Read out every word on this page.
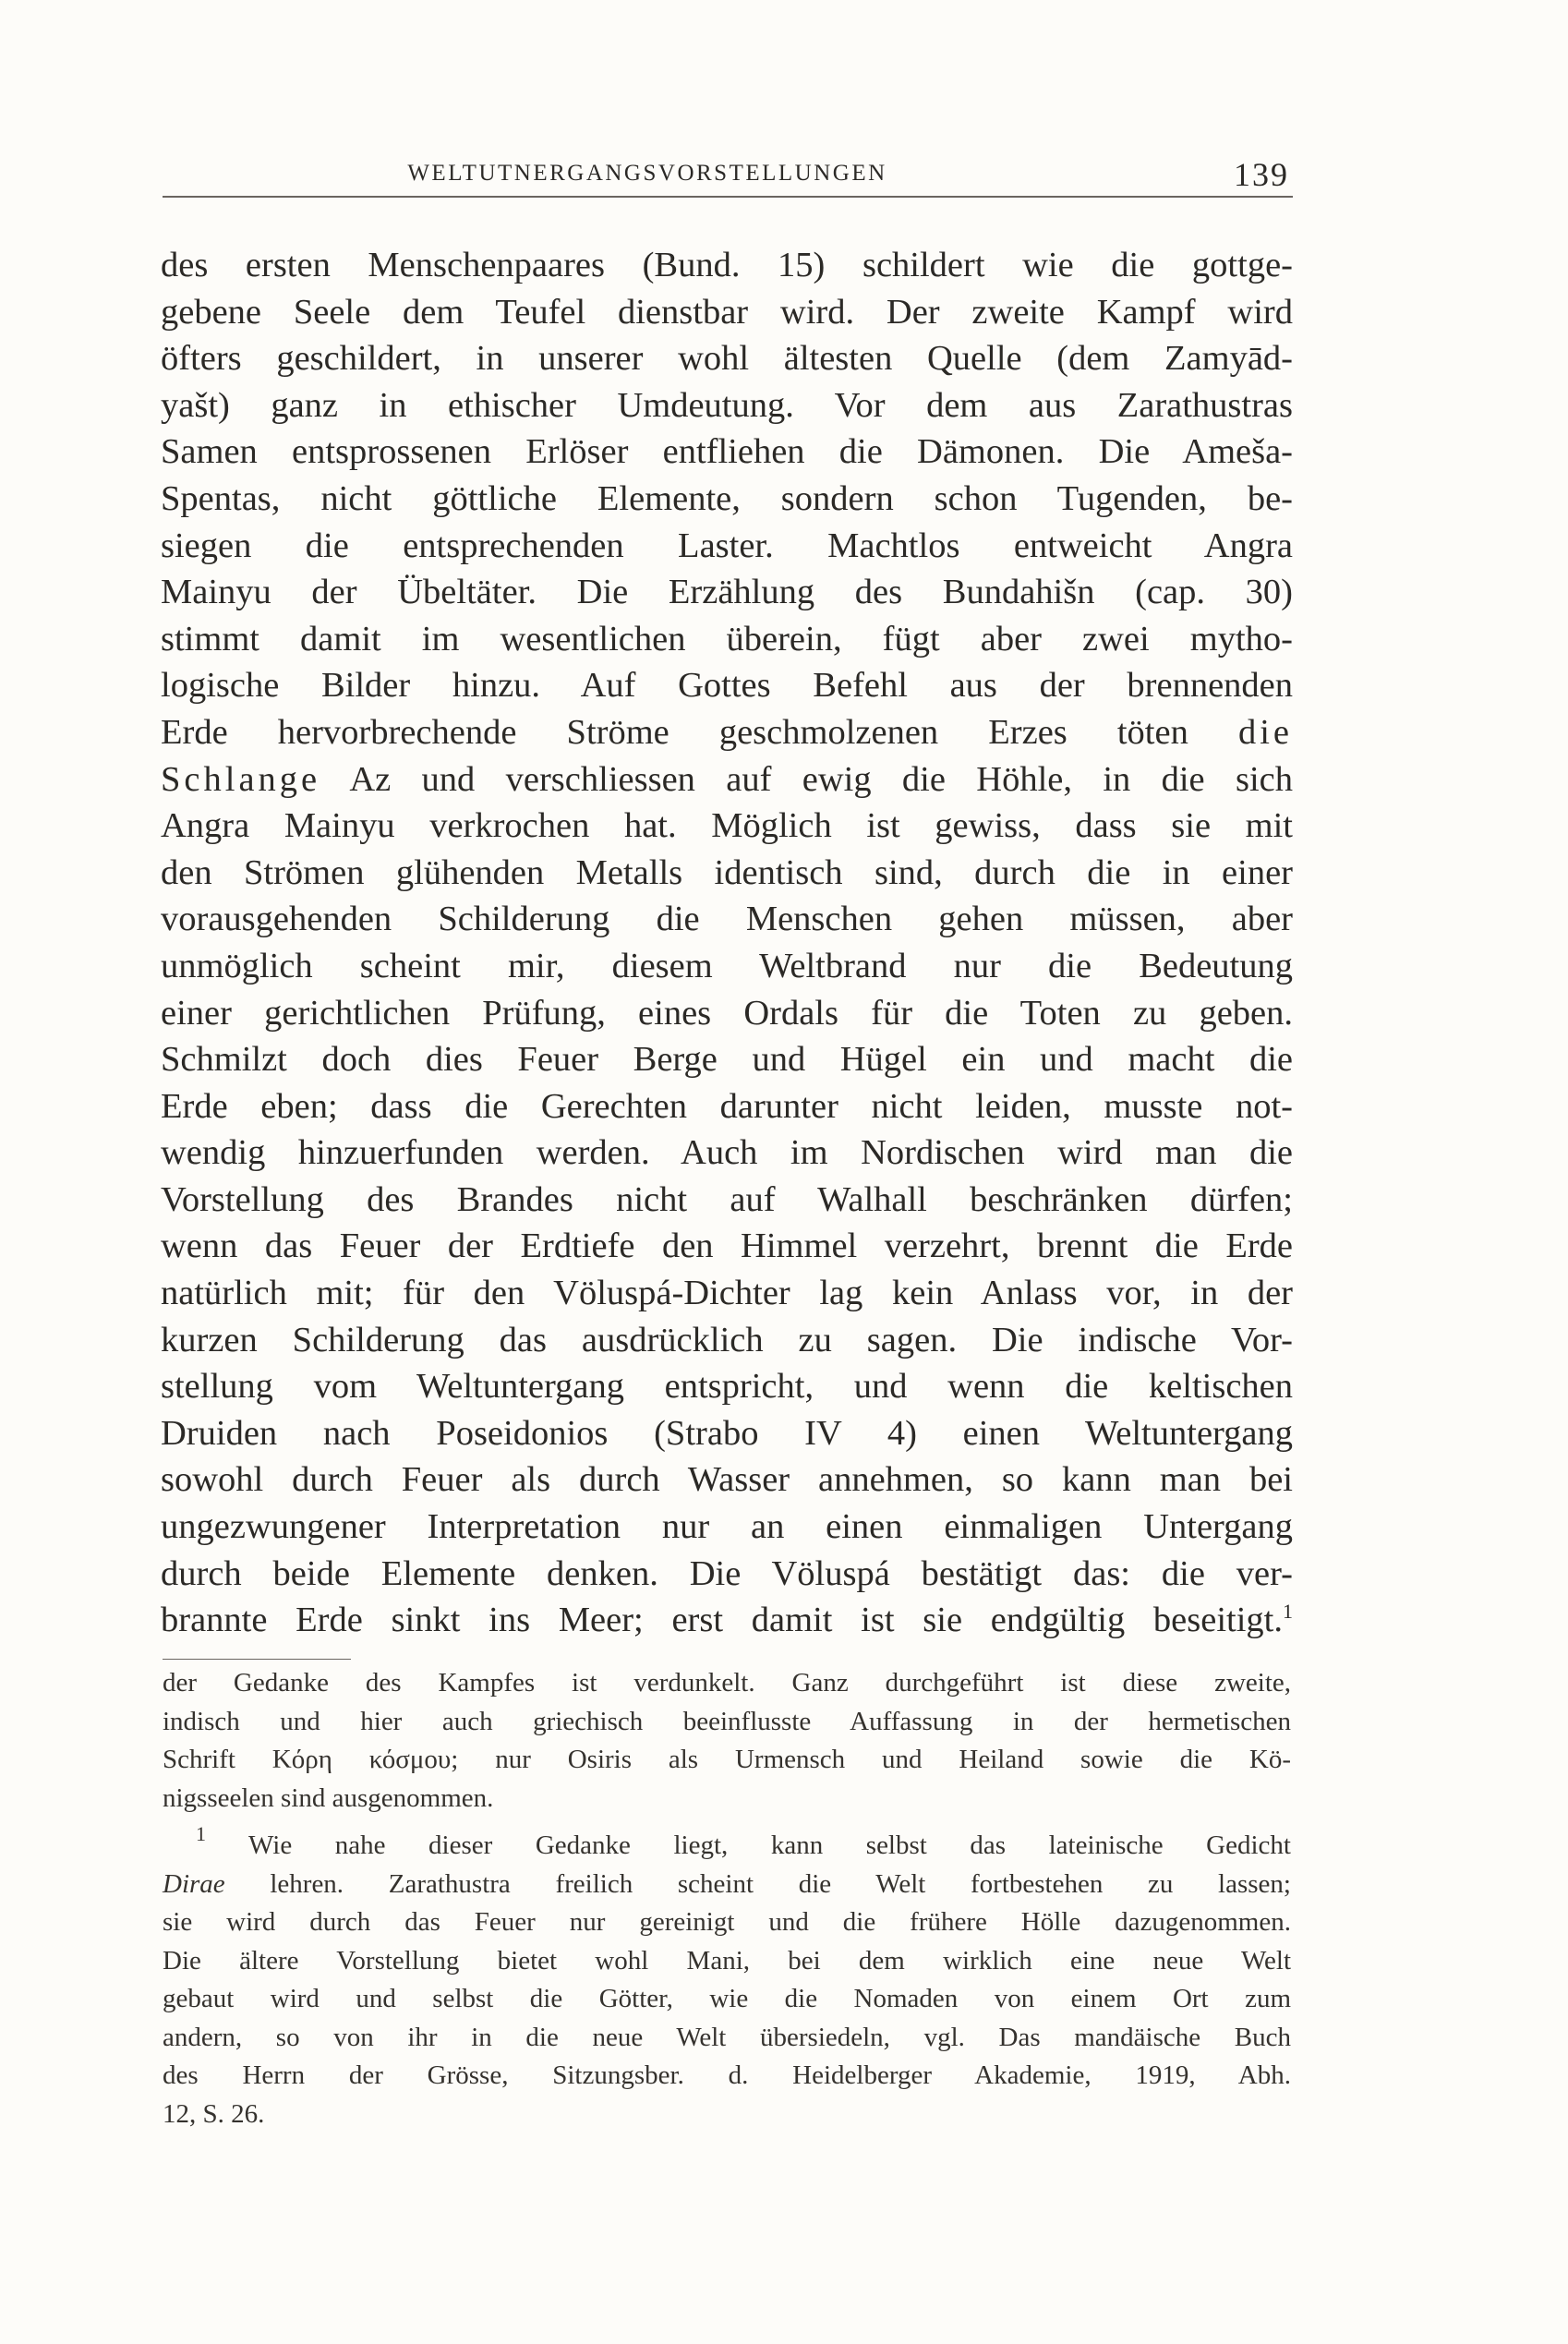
WELTUTNERGANGSVORSTELLUNGEN	139
des ersten Menschenpaares (Bund. 15) schildert wie die gottge-
gebene Seele dem Teufel dienstbar wird. Der zweite Kampf wird
öfters geschildert, in unserer wohl ältesten Quelle (dem Zamyād-
yašt) ganz in ethischer Umdeutung. Vor dem aus Zarathustras
Samen entsprossenen Erlöser entfliehen die Dämonen. Die Ameša-
Spentas, nicht göttliche Elemente, sondern schon Tugenden, be-
siegen die entsprechenden Laster. Machtlos entweicht Angra
Mainyu der Übeltäter. Die Erzählung des Bundahišn (cap. 30)
stimmt damit im wesentlichen überein, fügt aber zwei mytho-
logische Bilder hinzu. Auf Gottes Befehl aus der brennenden
Erde hervorbrechende Ströme geschmolzenen Erzes töten die
Schlange Az und verschliessen auf ewig die Höhle, in die sich
Angra Mainyu verkrochen hat. Möglich ist gewiss, dass sie mit
den Strömen glühenden Metalls identisch sind, durch die in einer
vorausgehenden Schilderung die Menschen gehen müssen, aber
unmöglich scheint mir, diesem Weltbrand nur die Bedeutung
einer gerichtlichen Prüfung, eines Ordals für die Toten zu geben.
Schmilzt doch dies Feuer Berge und Hügel ein und macht die
Erde eben; dass die Gerechten darunter nicht leiden, musste not-
wendig hinzuerfunden werden. Auch im Nordischen wird man die
Vorstellung des Brandes nicht auf Walhall beschränken dürfen;
wenn das Feuer der Erdtiefe den Himmel verzehrt, brennt die Erde
natürlich mit; für den Völuspá-Dichter lag kein Anlass vor, in der
kurzen Schilderung das ausdrücklich zu sagen. Die indische Vor-
stellung vom Weltuntergang entspricht, und wenn die keltischen
Druiden nach Poseidonios (Strabo IV 4) einen Weltuntergang
sowohl durch Feuer als durch Wasser annehmen, so kann man bei
ungezwungener Interpretation nur an einen einmaligen Untergang
durch beide Elemente denken. Die Völuspá bestätigt das: die ver-
brannte Erde sinkt ins Meer; erst damit ist sie endgültig beseitigt.$^1$
der Gedanke des Kampfes ist verdunkelt. Ganz durchgeführt ist diese zweite,
indisch und hier auch griechisch beeinflusste Auffassung in der hermetischen
Schrift Κόρη κόσμου; nur Osiris als Urmensch und Heiland sowie die Kö-
nigsseelen sind ausgenommen.
$^1$ Wie nahe dieser Gedanke liegt, kann selbst das lateinische Gedicht
Dirae lehren. Zarathustra freilich scheint die Welt fortbestehen zu lassen;
sie wird durch das Feuer nur gereinigt und die frühere Hölle dazugenommen.
Die ältere Vorstellung bietet wohl Mani, bei dem wirklich eine neue Welt
gebaut wird und selbst die Götter, wie die Nomaden von einem Ort zum
andern, so von ihr in die neue Welt übersiedeln, vgl. Das mandäische Buch
des Herrn der Grösse, Sitzungsber. d. Heidelberger Akademie, 1919, Abh.
12, S. 26.
